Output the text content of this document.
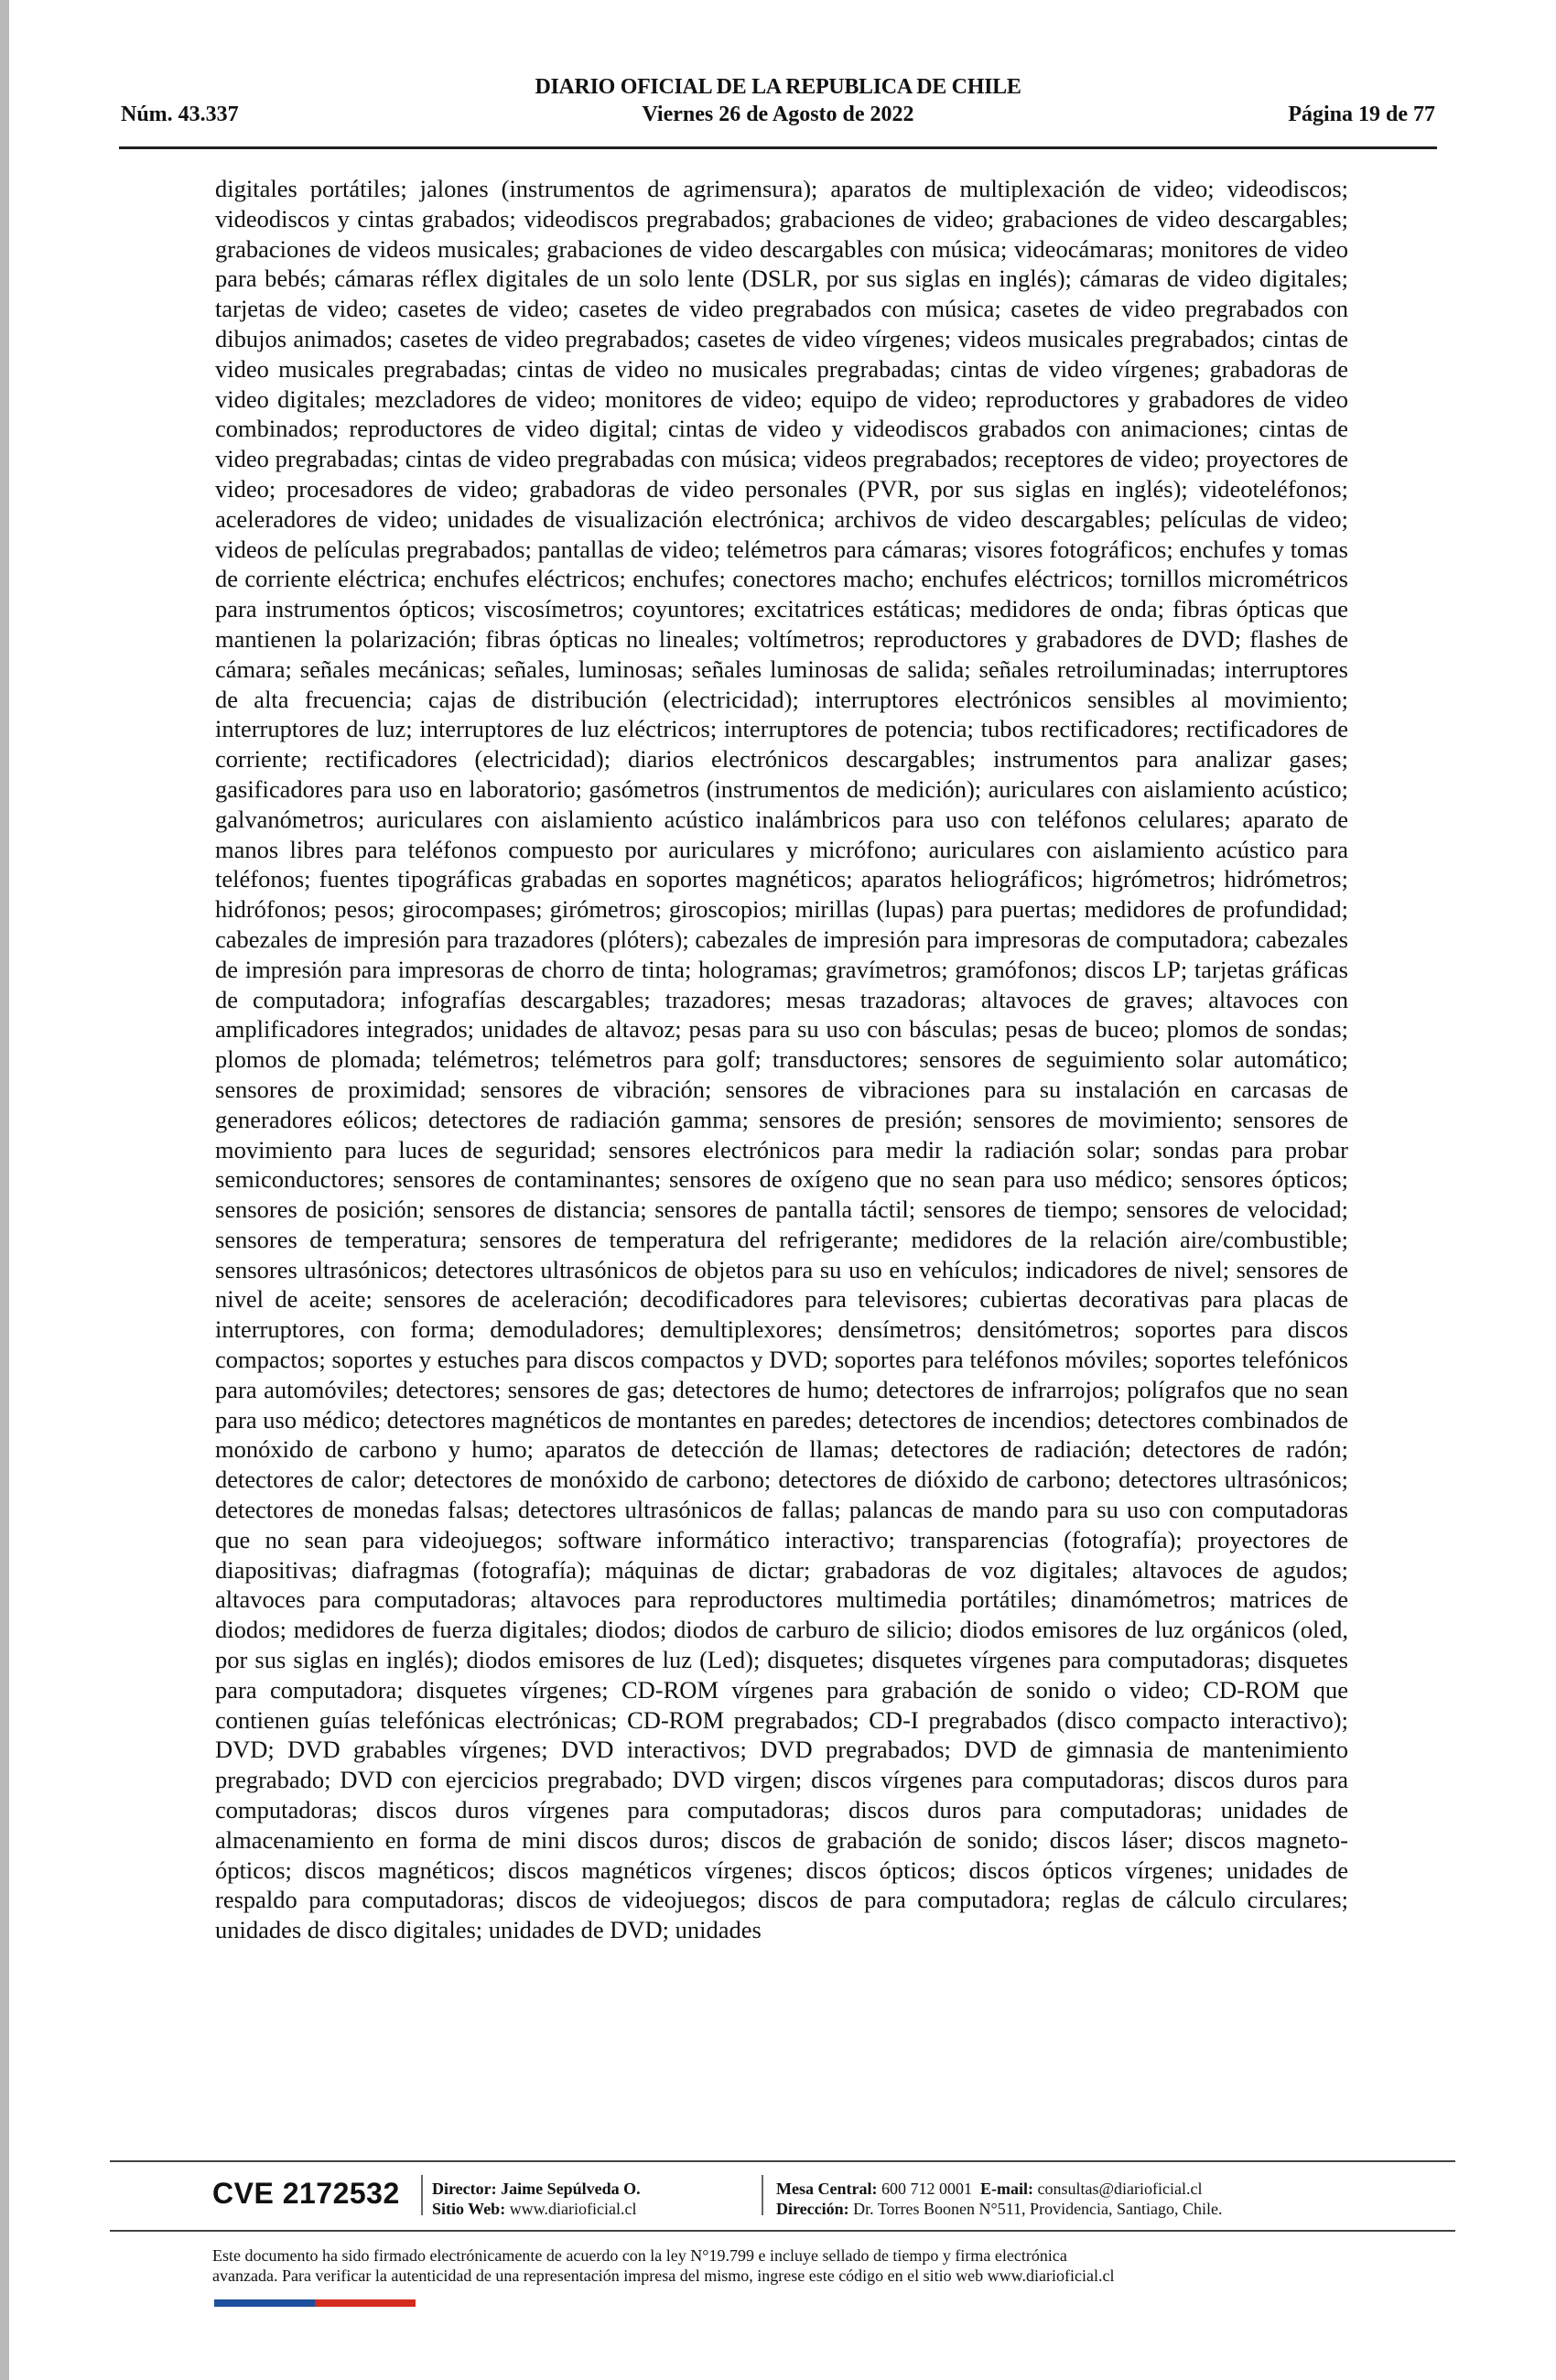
DIARIO OFICIAL DE LA REPUBLICA DE CHILE
Núm. 43.337	Viernes 26 de Agosto de 2022	Página 19 de 77
digitales portátiles; jalones (instrumentos de agrimensura); aparatos de multiplexación de video; videodiscos; videodiscos y cintas grabados; videodiscos pregrabados; grabaciones de video; grabaciones de video descargables; grabaciones de videos musicales; grabaciones de video descargables con música; videocámaras; monitores de video para bebés; cámaras réflex digitales de un solo lente (DSLR, por sus siglas en inglés); cámaras de video digitales; tarjetas de video; casetes de video; casetes de video pregrabados con música; casetes de video pregrabados con dibujos animados; casetes de video pregrabados; casetes de video vírgenes; videos musicales pregrabados; cintas de video musicales pregrabadas; cintas de video no musicales pregrabadas; cintas de video vírgenes; grabadoras de video digitales; mezcladores de video; monitores de video; equipo de video; reproductores y grabadores de video combinados; reproductores de video digital; cintas de video y videodiscos grabados con animaciones; cintas de video pregrabadas; cintas de video pregrabadas con música; videos pregrabados; receptores de video; proyectores de video; procesadores de video; grabadoras de video personales (PVR, por sus siglas en inglés); videoteléfonos; aceleradores de video; unidades de visualización electrónica; archivos de video descargables; películas de video; videos de películas pregrabados; pantallas de video; telémetros para cámaras; visores fotográficos; enchufes y tomas de corriente eléctrica; enchufes eléctricos; enchufes; conectores macho; enchufes eléctricos; tornillos micrométricos para instrumentos ópticos; viscosímetros; coyuntores; excitatrices estáticas; medidores de onda; fibras ópticas que mantienen la polarización; fibras ópticas no lineales; voltímetros; reproductores y grabadores de DVD; flashes de cámara; señales mecánicas; señales, luminosas; señales luminosas de salida; señales retroiluminadas; interruptores de alta frecuencia; cajas de distribución (electricidad); interruptores electrónicos sensibles al movimiento; interruptores de luz; interruptores de luz eléctricos; interruptores de potencia; tubos rectificadores; rectificadores de corriente; rectificadores (electricidad); diarios electrónicos descargables; instrumentos para analizar gases; gasificadores para uso en laboratorio; gasómetros (instrumentos de medición); auriculares con aislamiento acústico; galvanómetros; auriculares con aislamiento acústico inalámbricos para uso con teléfonos celulares; aparato de manos libres para teléfonos compuesto por auriculares y micrófono; auriculares con aislamiento acústico para teléfonos; fuentes tipográficas grabadas en soportes magnéticos; aparatos heliográficos; higrómetros; hidrómetros; hidrófonos; pesos; girocompases; girómetros; giroscopios; mirillas (lupas) para puertas; medidores de profundidad; cabezales de impresión para trazadores (plóters); cabezales de impresión para impresoras de computadora; cabezales de impresión para impresoras de chorro de tinta; hologramas; gravímetros; gramófonos; discos LP; tarjetas gráficas de computadora; infografías descargables; trazadores; mesas trazadoras; altavoces de graves; altavoces con amplificadores integrados; unidades de altavoz; pesas para su uso con básculas; pesas de buceo; plomos de sondas; plomos de plomada; telémetros; telémetros para golf; transductores; sensores de seguimiento solar automático; sensores de proximidad; sensores de vibración; sensores de vibraciones para su instalación en carcasas de generadores eólicos; detectores de radiación gamma; sensores de presión; sensores de movimiento; sensores de movimiento para luces de seguridad; sensores electrónicos para medir la radiación solar; sondas para probar semiconductores; sensores de contaminantes; sensores de oxígeno que no sean para uso médico; sensores ópticos; sensores de posición; sensores de distancia; sensores de pantalla táctil; sensores de tiempo; sensores de velocidad; sensores de temperatura; sensores de temperatura del refrigerante; medidores de la relación aire/combustible; sensores ultrasónicos; detectores ultrasónicos de objetos para su uso en vehículos; indicadores de nivel; sensores de nivel de aceite; sensores de aceleración; decodificadores para televisores; cubiertas decorativas para placas de interruptores, con forma; demoduladores; demultiplexores; densímetros; densitómetros; soportes para discos compactos; soportes y estuches para discos compactos y DVD; soportes para teléfonos móviles; soportes telefónicos para automóviles; detectores; sensores de gas; detectores de humo; detectores de infrarrojos; polígrafos que no sean para uso médico; detectores magnéticos de montantes en paredes; detectores de incendios; detectores combinados de monóxido de carbono y humo; aparatos de detección de llamas; detectores de radiación; detectores de radón; detectores de calor; detectores de monóxido de carbono; detectores de dióxido de carbono; detectores ultrasónicos; detectores de monedas falsas; detectores ultrasónicos de fallas; palancas de mando para su uso con computadoras que no sean para videojuegos; software informático interactivo; transparencias (fotografía); proyectores de diapositivas; diafragmas (fotografía); máquinas de dictar; grabadoras de voz digitales; altavoces de agudos; altavoces para computadoras; altavoces para reproductores multimedia portátiles; dinamómetros; matrices de diodos; medidores de fuerza digitales; diodos; diodos de carburo de silicio; diodos emisores de luz orgánicos (oled, por sus siglas en inglés); diodos emisores de luz (Led); disquetes; disquetes vírgenes para computadoras; disquetes para computadora; disquetes vírgenes; CD-ROM vírgenes para grabación de sonido o video; CD-ROM que contienen guías telefónicas electrónicas; CD-ROM pregrabados; CD-I pregrabados (disco compacto interactivo); DVD; DVD grabables vírgenes; DVD interactivos; DVD pregrabados; DVD de gimnasia de mantenimiento pregrabado; DVD con ejercicios pregrabado; DVD virgen; discos vírgenes para computadoras; discos duros para computadoras; discos duros vírgenes para computadoras; discos duros para computadoras; unidades de almacenamiento en forma de mini discos duros; discos de grabación de sonido; discos láser; discos magneto-ópticos; discos magnéticos; discos magnéticos vírgenes; discos ópticos; discos ópticos vírgenes; unidades de respaldo para computadoras; discos de videojuegos; discos de para computadora; reglas de cálculo circulares; unidades de disco digitales; unidades de DVD; unidades
CVE 2172532 Director: Jaime Sepúlveda O.
Sitio Web: www.diarioficial.cl
Mesa Central: 600 712 0001 E-mail: consultas@diarioficial.cl
Dirección: Dr. Torres Boonen N°511, Providencia, Santiago, Chile.
Este documento ha sido firmado electrónicamente de acuerdo con la ley N°19.799 e incluye sellado de tiempo y firma electrónica
avanzada. Para verificar la autenticidad de una representación impresa del mismo, ingrese este código en el sitio web www.diarioficial.cl
